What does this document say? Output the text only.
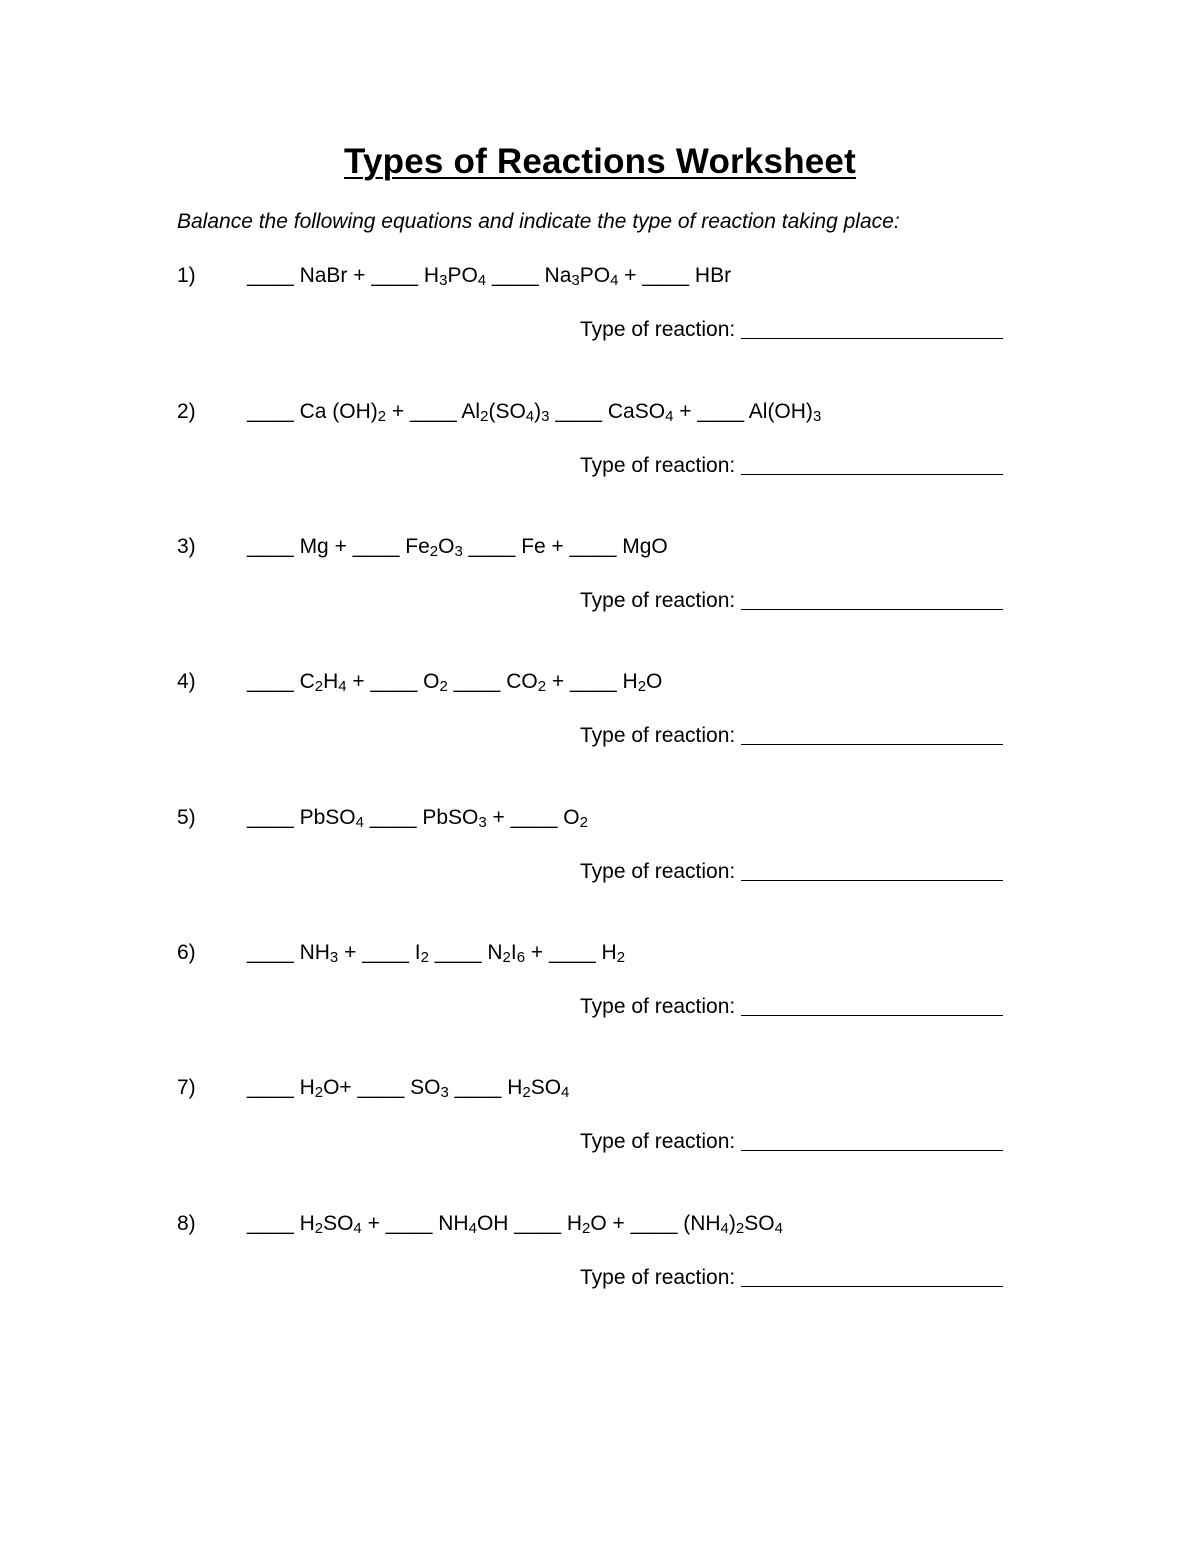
Types of Reactions Worksheet
Balance the following equations and indicate the type of reaction taking place:
1) ____ NaBr + ____ $H_3PO_4$ ____ $Na_3PO_4$ + ____ HBr
Type of reaction:
2) ____ Ca $(OH)_2$ + ____ $Al_2(SO_4)_3$ ____ CaSO$_4$ + ____ $Al(OH)_3$
Type of reaction:
3) ____ Mg + ____ $Fe_2O_3$ ____ Fe + ____ MgO
Type of reaction:
4) ____ $C_2H_4$ + ____ $O_2$ ____ $CO_2$ + ____ $H_2O$
Type of reaction:
5) ____ PbSO$_4$ ____ PbSO$_3$ + ____ $O_2$
Type of reaction:
6) ____ $NH_3$ + ____ $I_2$ ____ $N_2I_6$ + ____ $H_2$
Type of reaction:
7) ____ $H_2O+$ ____ $SO_3$ ____ $H_2SO_4$
Type of reaction:
8) ____ $H_2SO_4$ + ____ $NH_4OH$ ____ $H_2O$ + ____ $(NH_4)_2SO_4$
Type of reaction:
